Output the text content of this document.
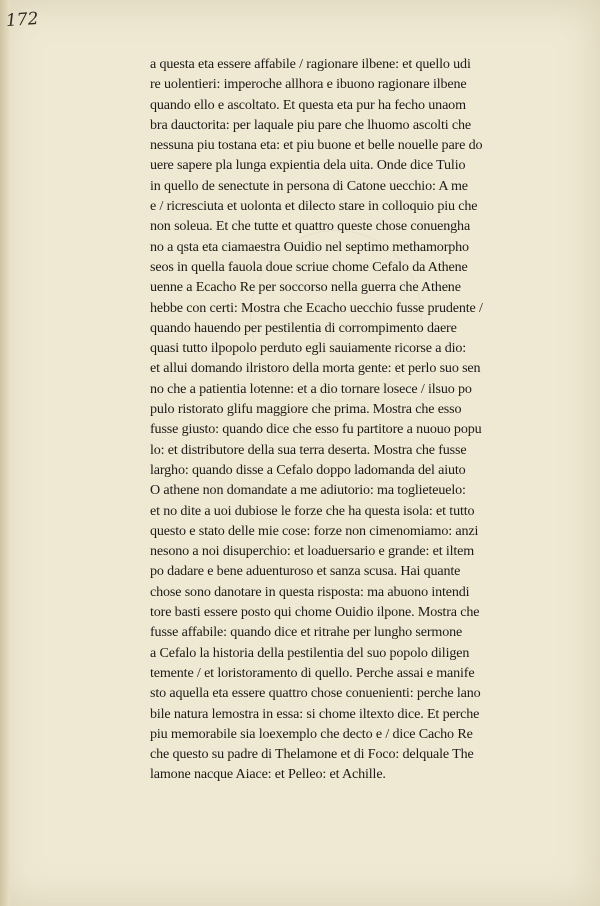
172
a questa eta essere affabile / ragionare ilbene: et quello udi
re uolentieri: imperoche allhora e ibuono ragionare ilbene
quando ello e ascoltato. Et questa eta pur ha fecho unaom
bra dauctorita: per laquale piu pare che lhuomo ascolti che
nessuna piu tostana eta: et piu buone et belle nouelle pare do
uere sapere pla lunga expientia dela uita. Onde dice Tulio
in quello de senectute in persona di Catone uecchio: A me
e / ricresciuta et uolonta et dilecto stare in colloquio piu che
non soleua. Et che tutte et quattro queste chose conuengha
no a qsta eta ciamaestra Ouidio nel septimo methamorpho
seos in quella fauola doue scriue chome Cefalo da Athene
uenne a Ecacho Re per soccorso nella guerra che Athene
hebbe con certi: Mostra che Ecacho uecchio fusse prudente /
quando hauendo per pestilentia di corrompimento daere
quasi tutto ilpopolo perduto egli sauiamente ricorse a dio:
et allui domando ilristoro della morta gente: et perlo suo sen
no che a patientia lotenne: et a dio tornare losece / ilsuo po
pulo ristorato glifu maggiore che prima. Mostra che esso
fusse giusto: quando dice che esso fu partitore a nuouo popu
lo: et distributore della sua terra deserta. Mostra che fusse
largho: quando disse a Cefalo doppo ladomanda del aiuto
O athene non domandate a me adiutorio: ma toglieteuelo:
et no dite a uoi dubiose le forze che ha questa isola: et tutto
questo e stato delle mie cose: forze non cimenomiamo: anzi
nesono a noi disuperchio: et loaduersario e grande: et iltem
po dadare e bene aduenturoso et sanza scusa. Hai quante
chose sono danotare in questa risposta: ma abuono intendi
tore basti essere posto qui chome Ouidio ilpone. Mostra che
fusse affabile: quando dice et ritrahe per lungho sermone
a Cefalo la historia della pestilentia del suo popolo diligen
temente / et loristoramento di quello. Perche assai e manife
sto aquella eta essere quattro chose conuenienti: perche lano
bile natura lemostra in essa: si chome iltexto dice. Et perche
piu memorabile sia loexemplo che decto e / dice Cacho Re
che questo su padre di Thelamone et di Foco: delquale The
lamone nacque Aiace: et Pelleo: et Achille.
